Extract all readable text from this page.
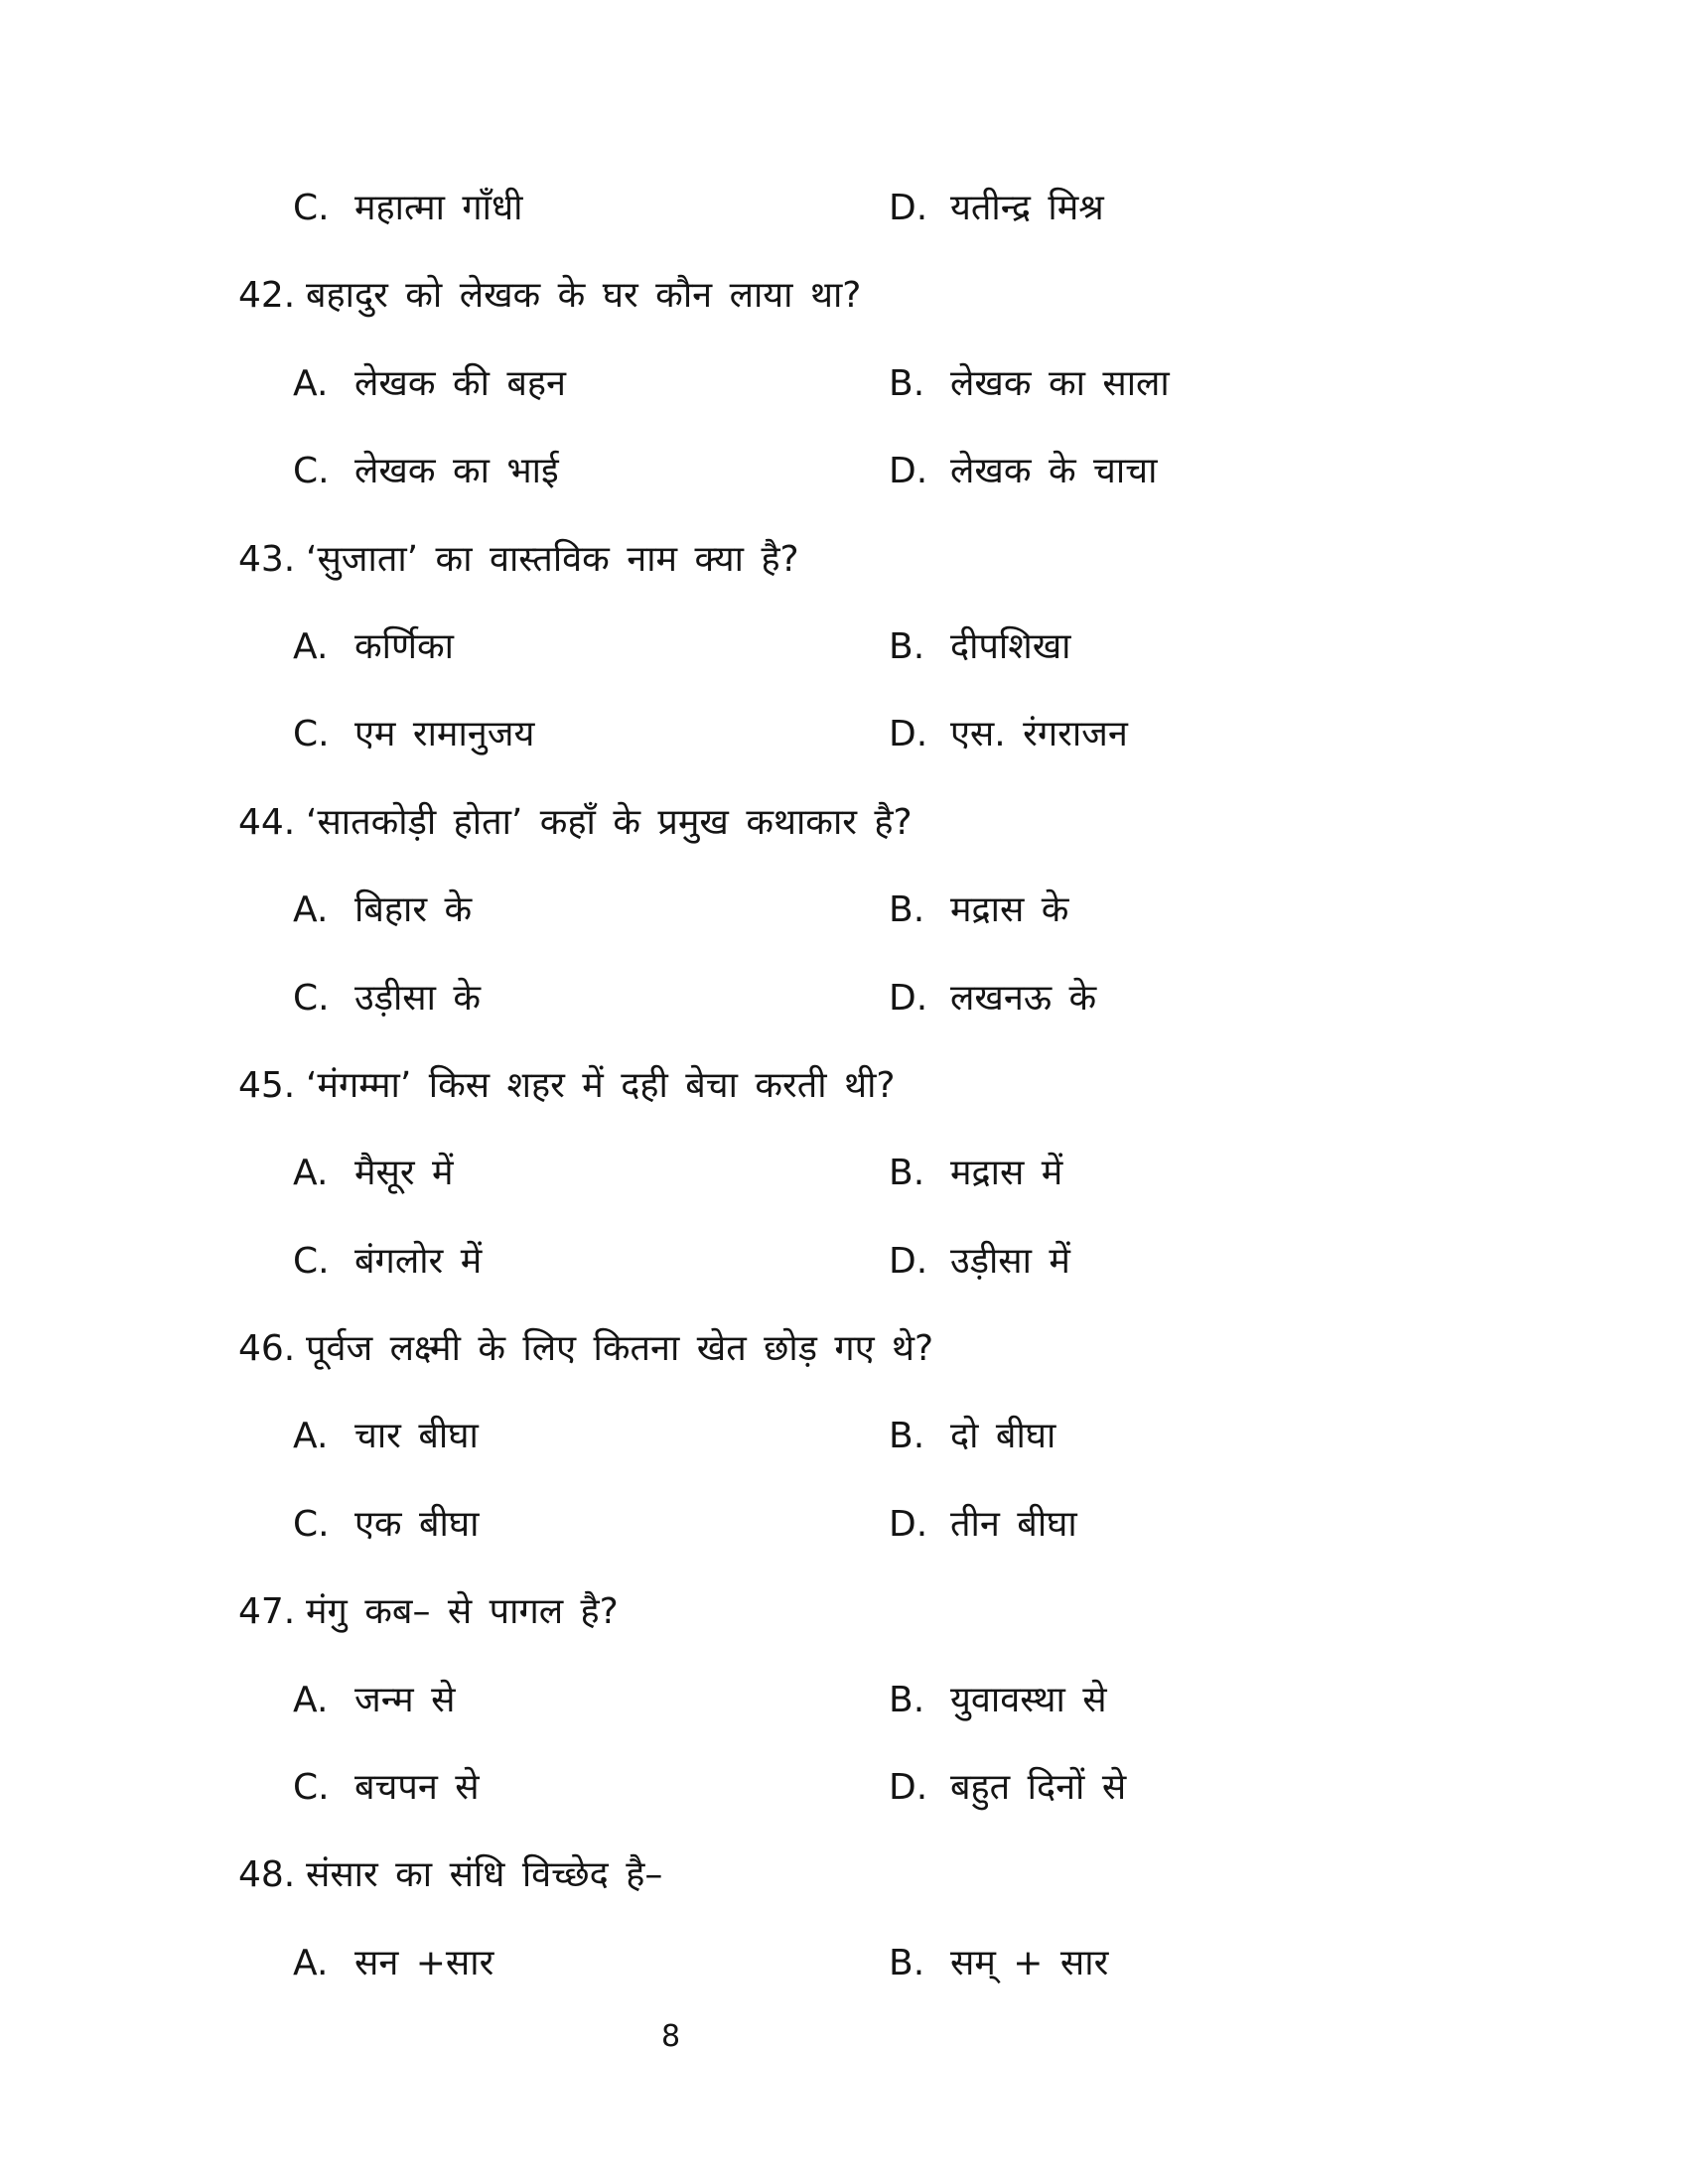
C. महात्मा गाँधी	D. यतीन्द्र मिश्र
42. बहादुर को लेखक के घर कौन लाया था?
A. लेखक की बहन	B. लेखक का साला
C. लेखक का भाई	D. लेखक के चाचा
43. ‘सुजाता’ का वास्तविक नाम क्या है?
A. कर्णिका	B. दीपशिखा
C. एम रामानुजय	D. एस. रंगराजन
44. ‘सातकोड़ी होता’ कहाँ के प्रमुख कथाकार है?
A. बिहार के	B. मद्रास के
C. उड़ीसा के	D. लखनऊ के
45. ‘मंगम्मा’ किस शहर में दही बेचा करती थी?
A. मैसूर में	B. मद्रास में
C. बंगलोर में	D. उड़ीसा में
46. पूर्वज लक्ष्मी के लिए कितना खेत छोड़ गए थे?
A. चार बीघा	B. दो बीघा
C. एक बीघा	D. तीन बीघा
47. मंगु कब– से पागल है?
A. जन्म से	B. युवावस्था से
C. बचपन से	D. बहुत दिनों से
48. संसार का संधि विच्छेद है–
A. सन +सार	B. सम् + सार
8
